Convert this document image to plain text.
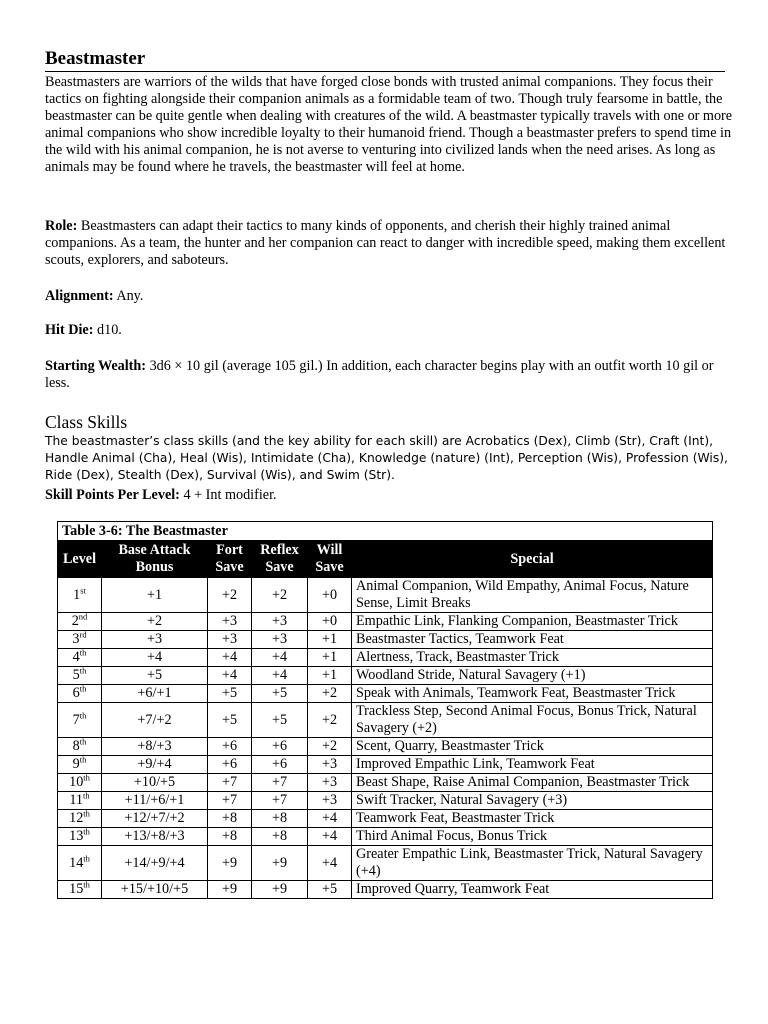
Beastmaster

Beastmasters are warriors of the wilds that have forged close bonds with trusted animal companions. They focus their tactics on fighting alongside their companion animals as a formidable team of two. Though truly fearsome in battle, the beastmaster can be quite gentle when dealing with creatures of the wild. A beastmaster typically travels with one or more animal companions who show incredible loyalty to their humanoid friend. Though a beastmaster prefers to spend time in the wild with his animal companion, he is not averse to venturing into civilized lands when the need arises. As long as animals may be found where he travels, the beastmaster will feel at home.

Role: Beastmasters can adapt their tactics to many kinds of opponents, and cherish their highly trained animal companions. As a team, the hunter and her companion can react to danger with incredible speed, making them excellent scouts, explorers, and saboteurs.

Alignment: Any.

Hit Die: d10.

Starting Wealth: 3d6 × 10 gil (average 105 gil.) In addition, each character begins play with an outfit worth 10 gil or less.

Class Skills

The beastmaster’s class skills (and the key ability for each skill) are Acrobatics (Dex), Climb (Str), Craft (Int), Handle Animal (Cha), Heal (Wis), Intimidate (Cha), Knowledge (nature) (Int), Perception (Wis), Profession (Wis), Ride (Dex), Stealth (Dex), Survival (Wis), and Swim (Str).

Skill Points Per Level: 4 + Int modifier.

Table 3-6: The Beastmaster					
Level	Base Attack Bonus	Fort Save	Reflex Save	Will Save	Special
1st	+1	+2	+2	+0	Animal Companion, Wild Empathy, Animal Focus, Nature Sense, Limit Breaks
2nd	+2	+3	+3	+0	Empathic Link, Flanking Companion, Beastmaster Trick
3rd	+3	+3	+3	+1	Beastmaster Tactics, Teamwork Feat
4th	+4	+4	+4	+1	Alertness, Track, Beastmaster Trick
5th	+5	+4	+4	+1	Woodland Stride, Natural Savagery (+1)
6th	+6/+1	+5	+5	+2	Speak with Animals, Teamwork Feat, Beastmaster Trick
7th	+7/+2	+5	+5	+2	Trackless Step, Second Animal Focus, Bonus Trick, Natural Savagery (+2)
8th	+8/+3	+6	+6	+2	Scent, Quarry, Beastmaster Trick
9th	+9/+4	+6	+6	+3	Improved Empathic Link, Teamwork Feat
10th	+10/+5	+7	+7	+3	Beast Shape, Raise Animal Companion, Beastmaster Trick
11th	+11/+6/+1	+7	+7	+3	Swift Tracker, Natural Savagery (+3)
12th	+12/+7/+2	+8	+8	+4	Teamwork Feat, Beastmaster Trick
13th	+13/+8/+3	+8	+8	+4	Third Animal Focus, Bonus Trick
14th	+14/+9/+4	+9	+9	+4	Greater Empathic Link, Beastmaster Trick, Natural Savagery (+4)
15th	+15/+10/+5	+9	+9	+5	Improved Quarry, Teamwork Feat
